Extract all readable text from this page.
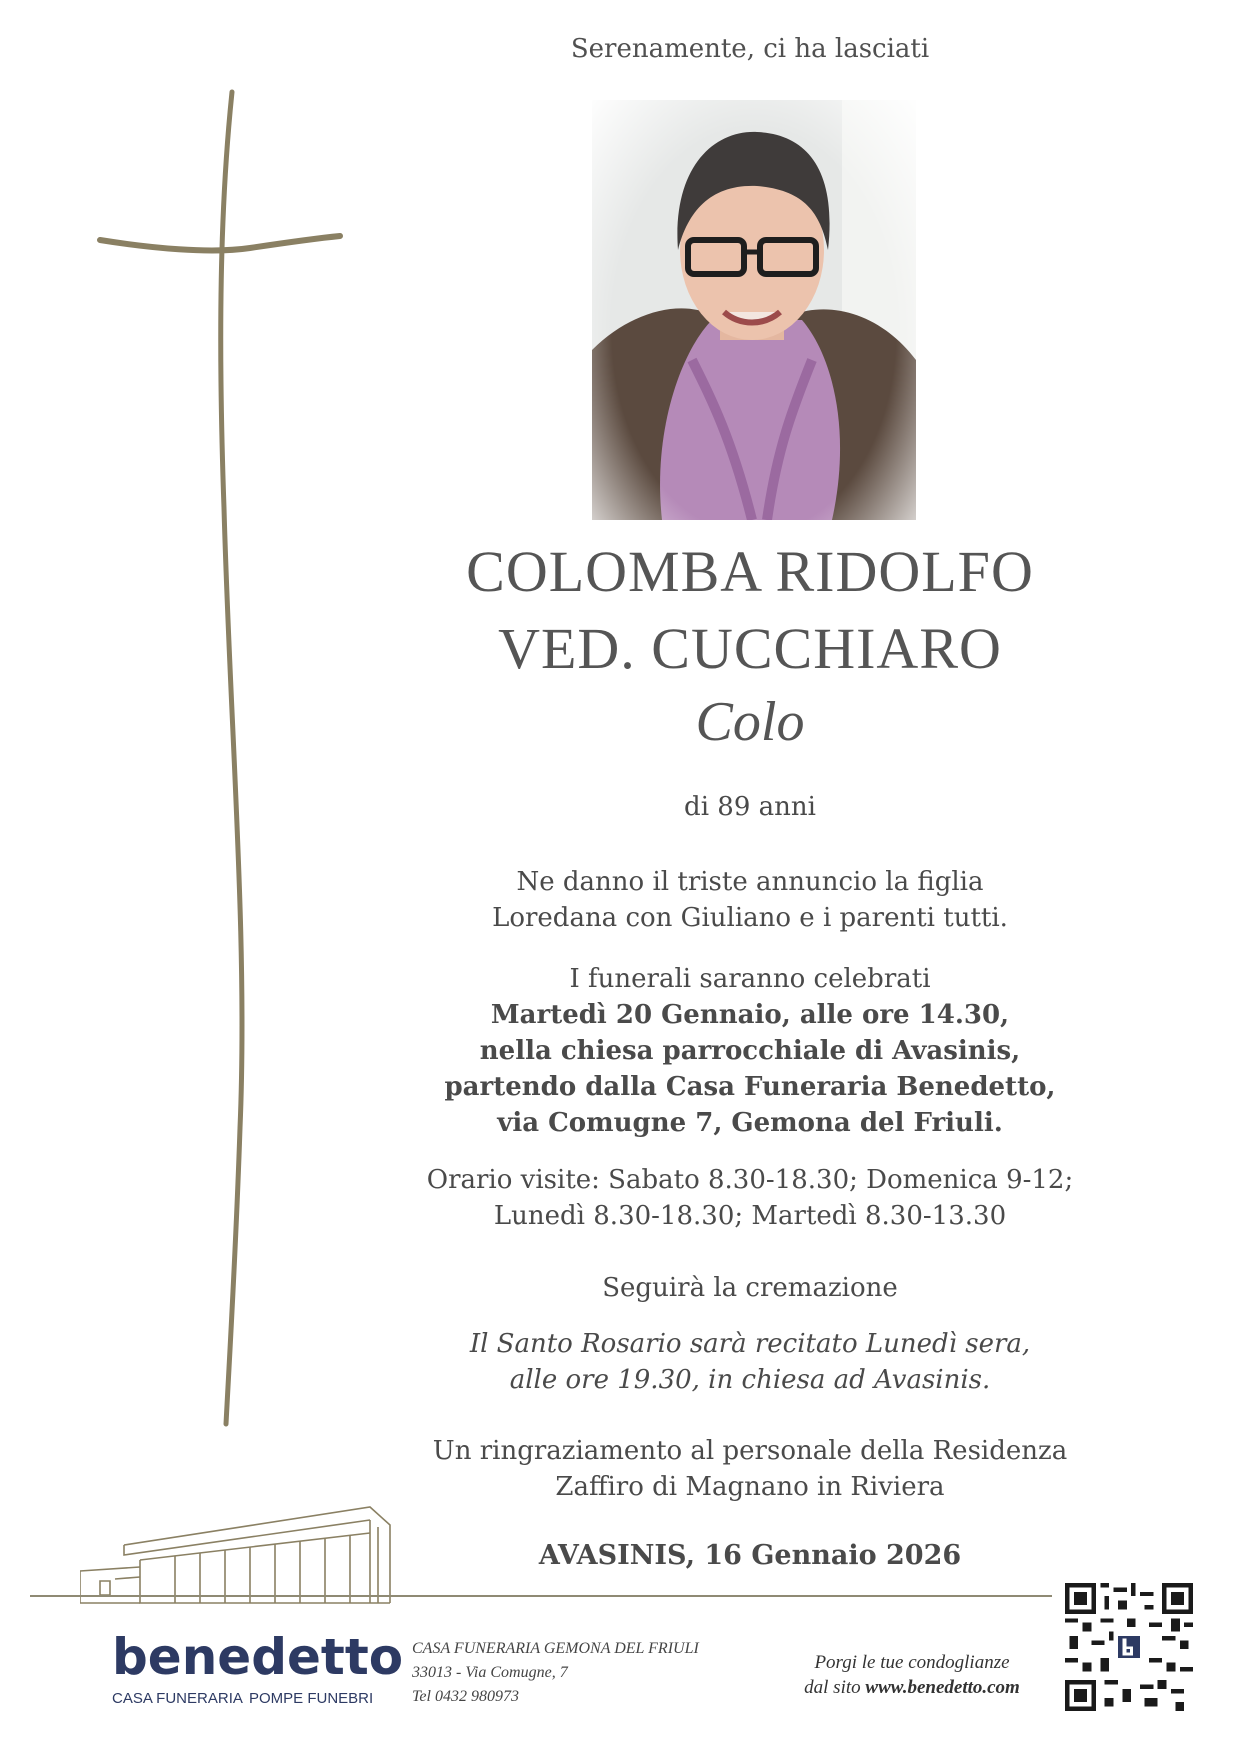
Serenamente, ci ha lasciati
COLOMBA RIDOLFO
VED. CUCCHIARO
Colo
di 89 anni
Ne danno il triste annuncio la figlia
Loredana con Giuliano e i parenti tutti.
I funerali saranno celebrati
Martedì 20 Gennaio, alle ore 14.30,
nella chiesa parrocchiale di Avasinis,
partendo dalla Casa Funeraria Benedetto,
via Comugne 7, Gemona del Friuli.
Orario visite: Sabato 8.30-18.30; Domenica 9-12;
Lunedì 8.30-18.30; Martedì 8.30-13.30
Seguirà la cremazione
Il Santo Rosario sarà recitato Lunedì sera,
alle ore 19.30, in chiesa ad Avasinis.
Un ringraziamento al personale della Residenza
Zaffiro di Magnano in Riviera
AVASINIS, 16 Gennaio 2026
benedetto
CASA FUNERARIA POMPE FUNEBRI
CASA FUNERARIA GEMONA DEL FRIULI
33013 - Via Comugne, 7
Tel 0432 980973
Porgi le tue condoglianze
dal sito www.benedetto.com
